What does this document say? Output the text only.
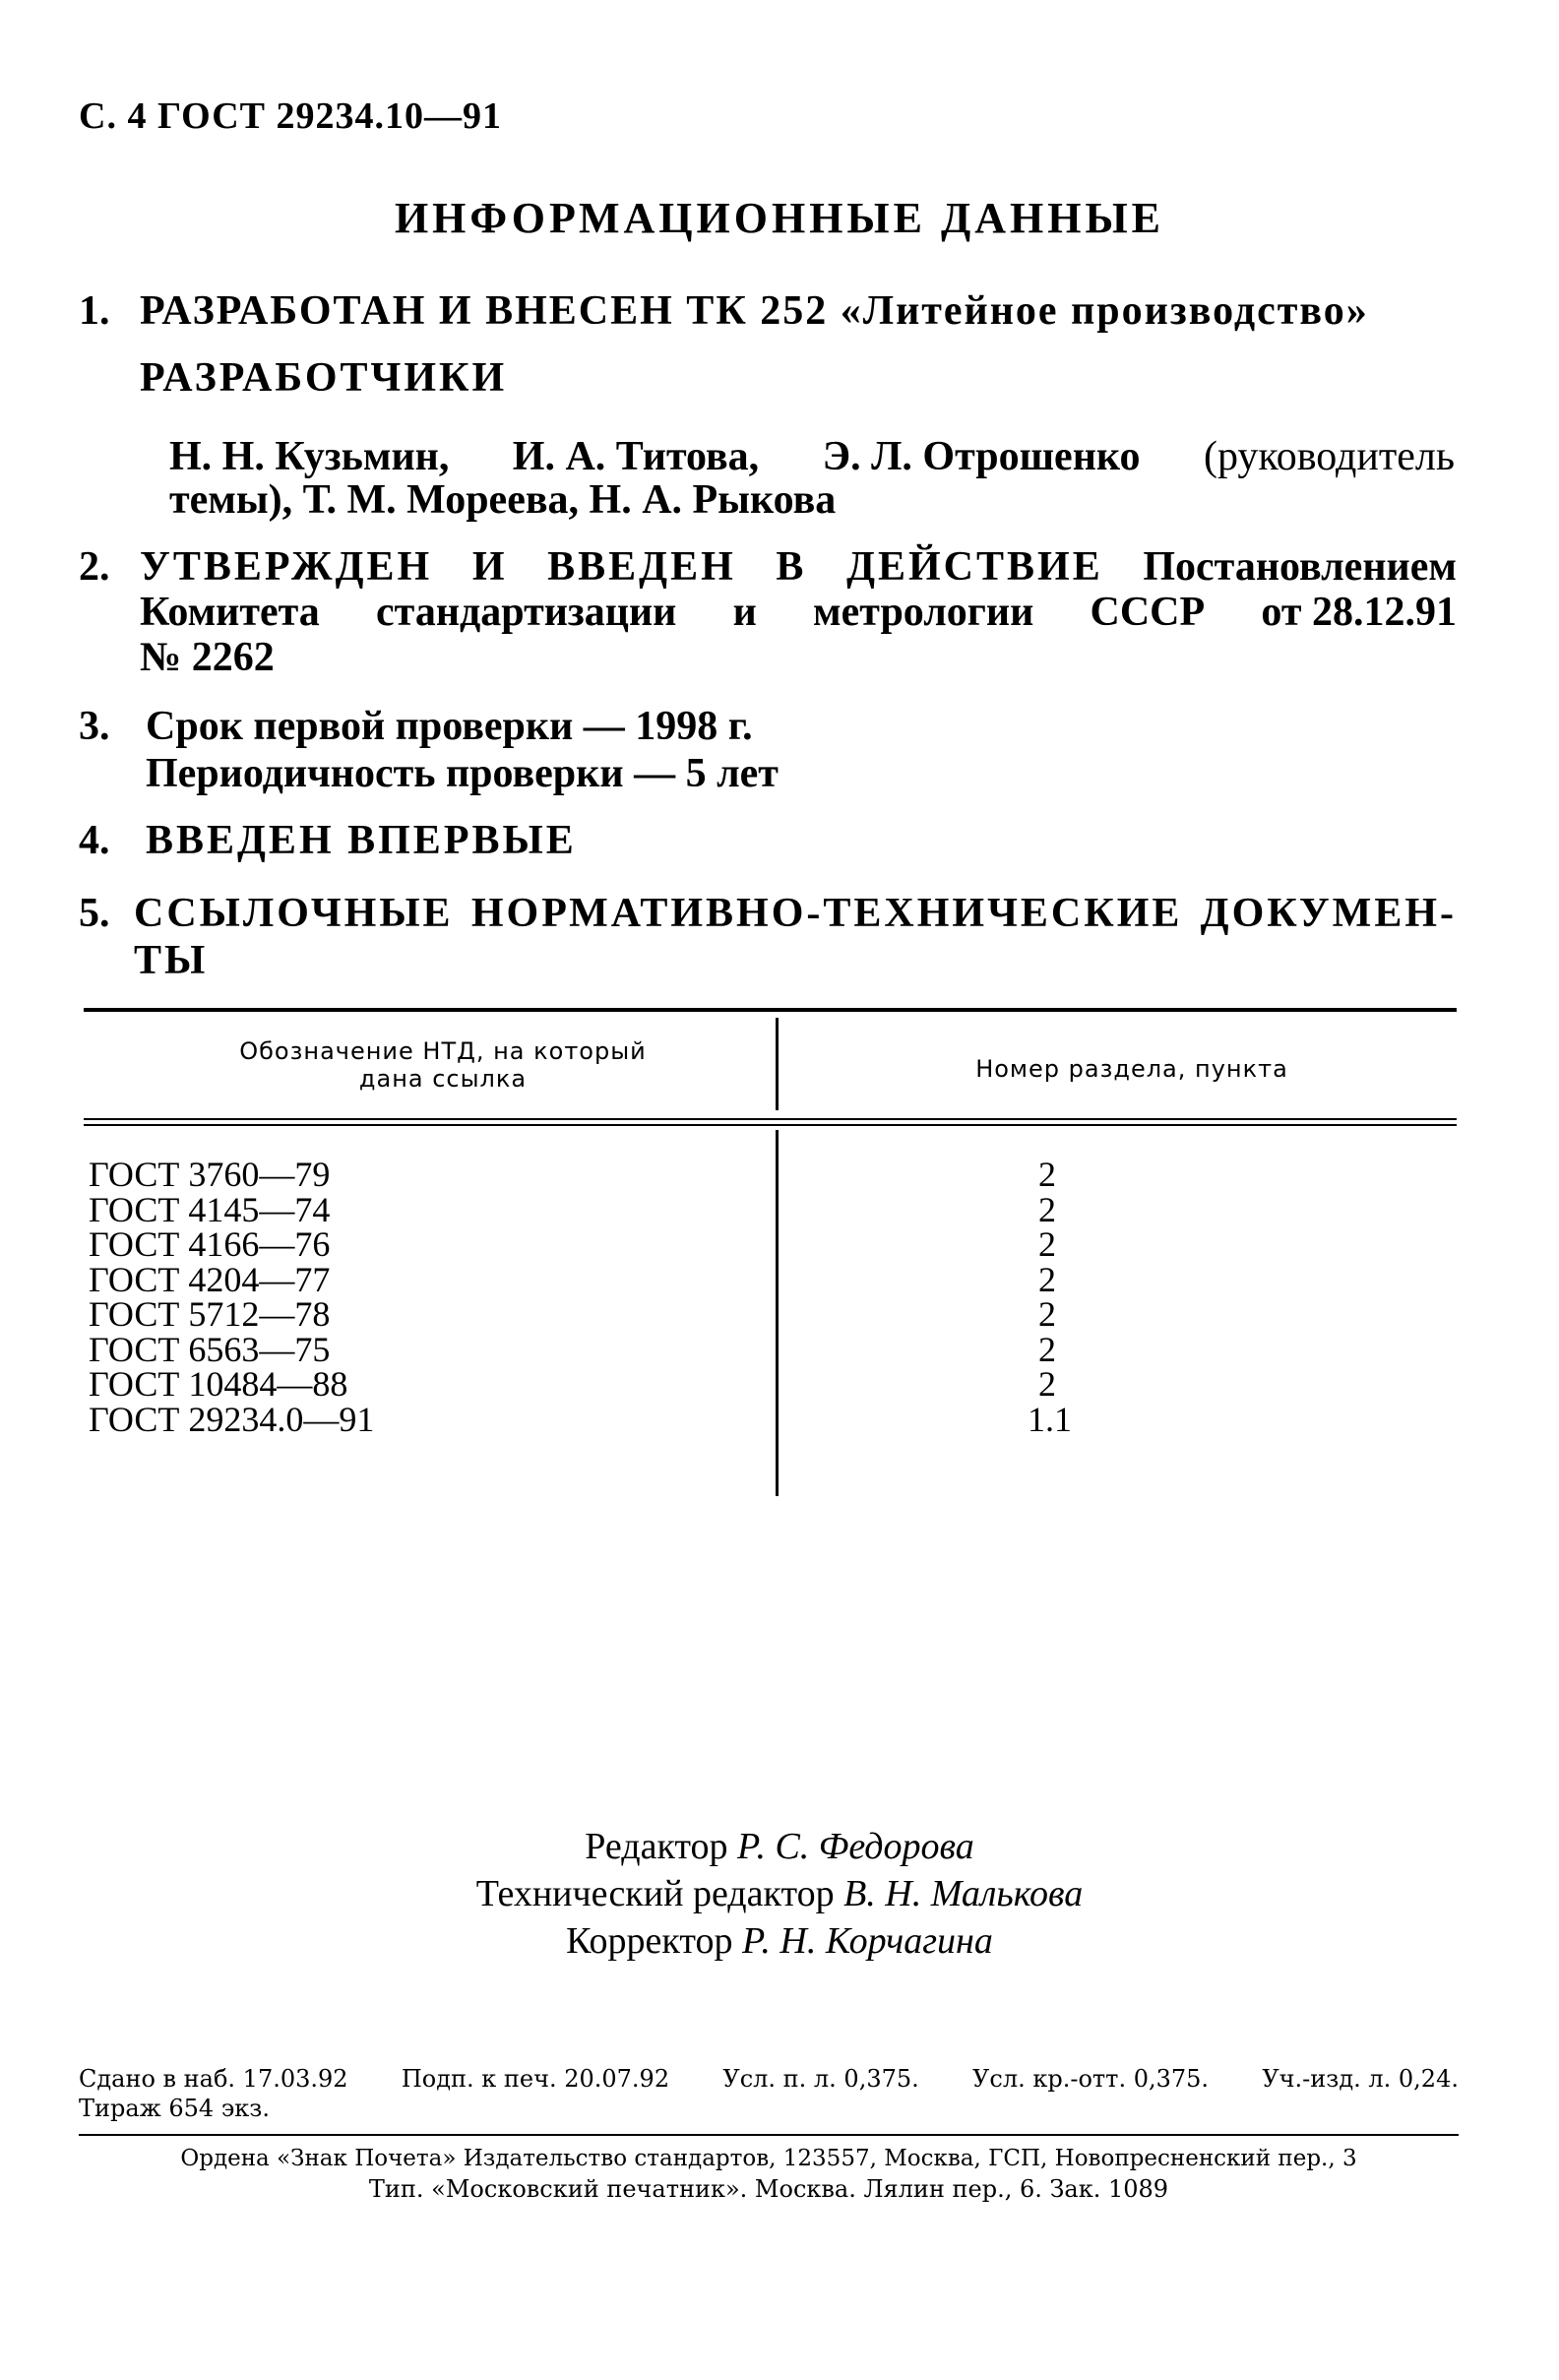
С. 4 ГОСТ 29234.10—91
ИНФОРМАЦИОННЫЕ ДАННЫЕ
1. РАЗРАБОТАН И ВНЕСЕН ТК 252 «Литейное производство»
РАЗРАБОТЧИКИ
Н. Н. Кузьмин, И. А. Титова, Э. Л. Отрошенко (руководитель
темы), Т. М. Мореева, Н. А. Рыкова
2. УТВЕРЖДЕН И ВВЕДЕН В ДЕЙСТВИЕ Постановлением
Комитета стандартизации и метрологии СССР от 28.12.91
№ 2262
3. Срок первой проверки — 1998 г.
Периодичность проверки — 5 лет
4. ВВЕДЕН ВПЕРВЫЕ
5. ССЫЛОЧНЫЕ НОРМАТИВНО-ТЕХНИЧЕСКИЕ ДОКУМЕН-
ТЫ
Обозначение НТД, на который
дана ссылка	Номер раздела, пункта
ГОСТ 3760—79	2
ГОСТ 4145—74	2
ГОСТ 4166—76	2
ГОСТ 4204—77	2
ГОСТ 5712—78	2
ГОСТ 6563—75	2
ГОСТ 10484—88	2
ГОСТ 29234.0—91	1.1
Редактор Р. С. Федорова
Технический редактор В. Н. Малькова
Корректор Р. Н. Корчагина
Сдано в наб. 17.03.92 Подп. к печ. 20.07.92 Усл. п. л. 0,375. Усл. кр.-отт. 0,375. Уч.-изд. л. 0,24.
Тираж 654 экз.
Ордена «Знак Почета» Издательство стандартов, 123557, Москва, ГСП, Новопресненский пер., 3
Тип. «Московский печатник». Москва. Лялин пер., 6. Зак. 1089
